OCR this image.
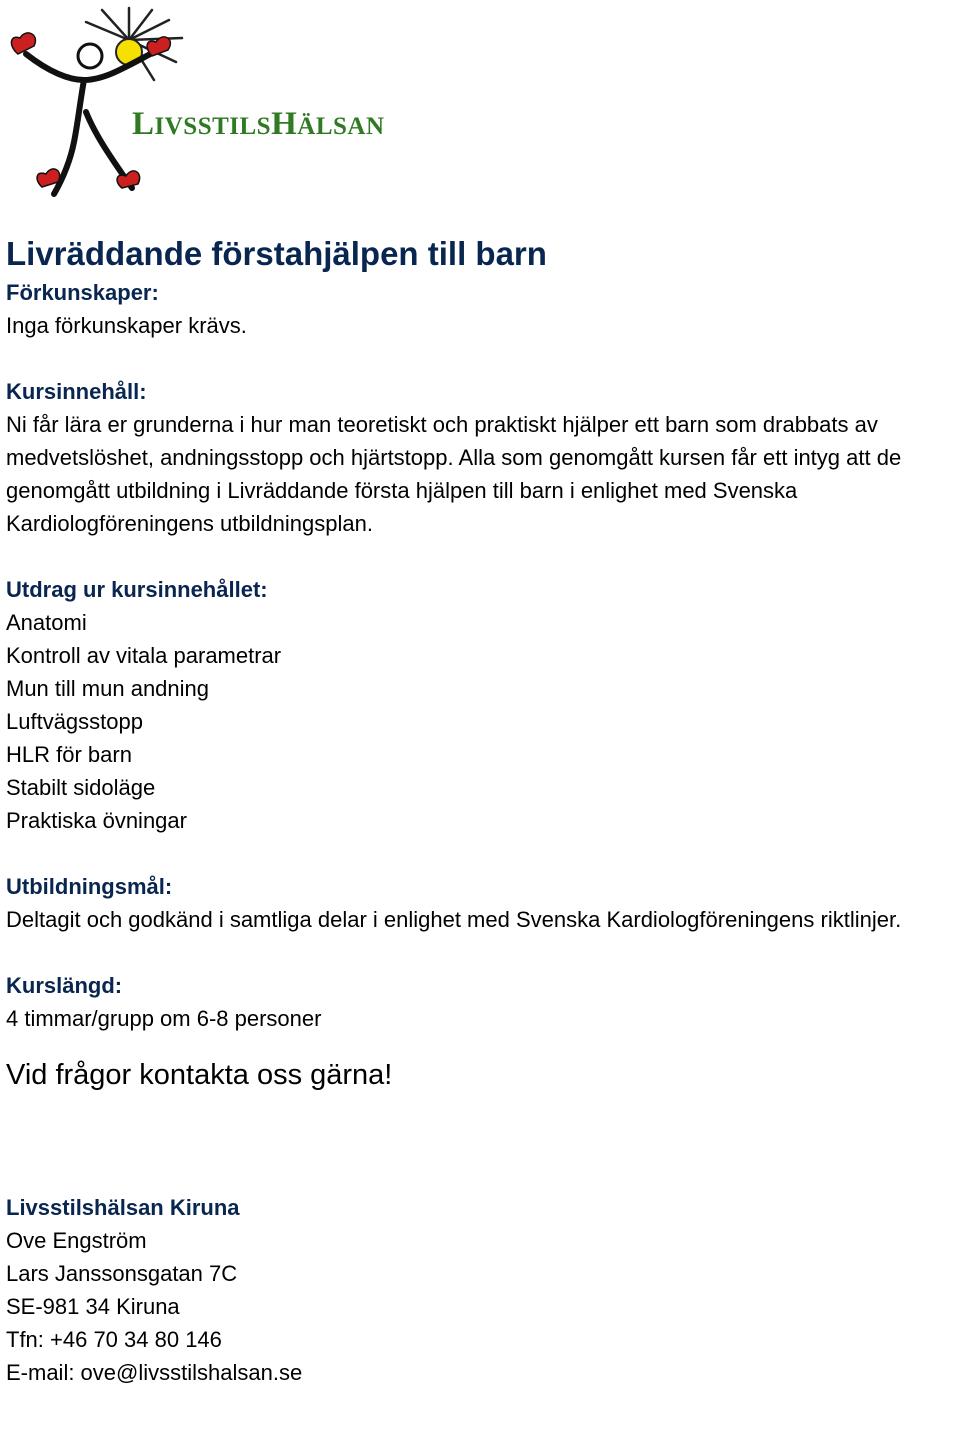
LIVSSTILSHÄLSAN
Livräddande förstahjälpen till barn

Förkunskaper:

Inga förkunskaper krävs.

Kursinnehåll:

Ni får lära er grunderna i hur man teoretiskt och praktiskt hjälper ett barn som drabbats av medvetslöshet, andningsstopp och hjärtstopp. Alla som genomgått kursen får ett intyg att de genomgått utbildning i Livräddande första hjälpen till barn i enlighet med Svenska Kardiologföreningens utbildningsplan.

Utdrag ur kursinnehållet:

Anatomi
Kontroll av vitala parametrar
Mun till mun andning
Luftvägsstopp
HLR för barn
Stabilt sidoläge
Praktiska övningar

Utbildningsmål:

Deltagit och godkänd i samtliga delar i enlighet med Svenska Kardiologföreningens riktlinjer.

Kurslängd:

4 timmar/grupp om 6-8 personer

Vid frågor kontakta oss gärna!

Livsstilshälsan Kiruna

Ove Engström

Lars Janssonsgatan 7C

SE-981 34 Kiruna

Tfn: +46 70 34 80 146

E-mail: ove@livsstilshalsan.se
